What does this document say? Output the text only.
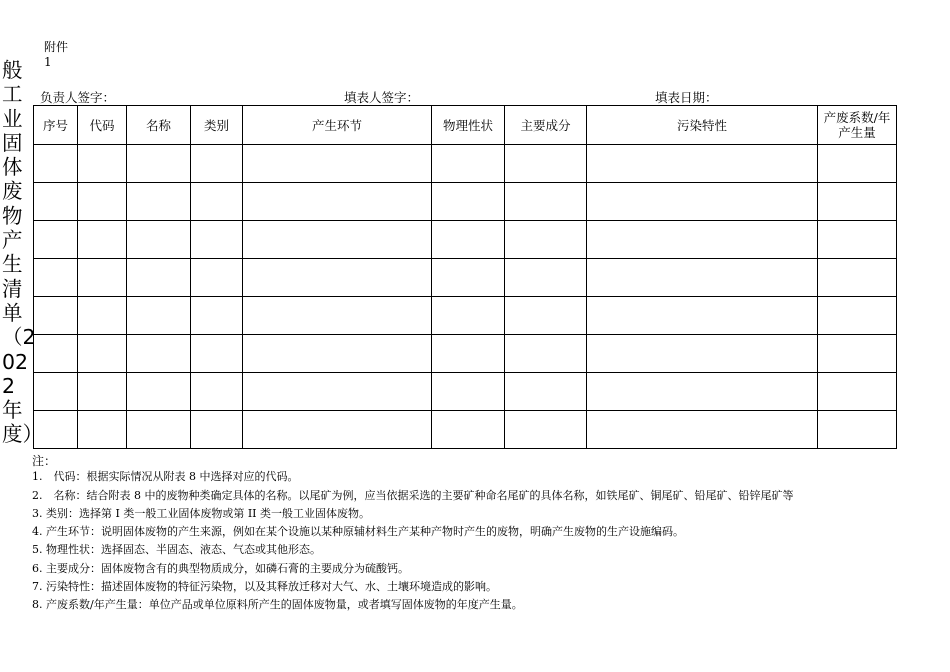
附件
1
般工业固体废物产生清单（2022年度）
负责人签字：	填表人签字：	填表日期：
序号	代码	名称	类别	产生环节	物理性状	主要成分	污染特性	产废系数/年产生量

注：
1.　代码：根据实际情况从附表 8 中选择对应的代码。
2.　名称：结合附表 8 中的废物种类确定具体的名称。以尾矿为例，应当依据采选的主要矿种命名尾矿的具体名称，如铁尾矿、铜尾矿、铅尾矿、铅锌尾矿等
3. 类别：选择第 I 类一般工业固体废物或第 II 类一般工业固体废物。
4. 产生环节：说明固体废物的产生来源，例如在某个设施以某种原辅材料生产某种产物时产生的废物，明确产生废物的生产设施编码。
5. 物理性状：选择固态、半固态、液态、气态或其他形态。
6. 主要成分：固体废物含有的典型物质成分，如磷石膏的主要成分为硫酸钙。
7. 污染特性：描述固体废物的特征污染物，以及其释放迁移对大气、水、土壤环境造成的影响。
8. 产废系数/年产生量：单位产品或单位原料所产生的固体废物量，或者填写固体废物的年度产生量。
